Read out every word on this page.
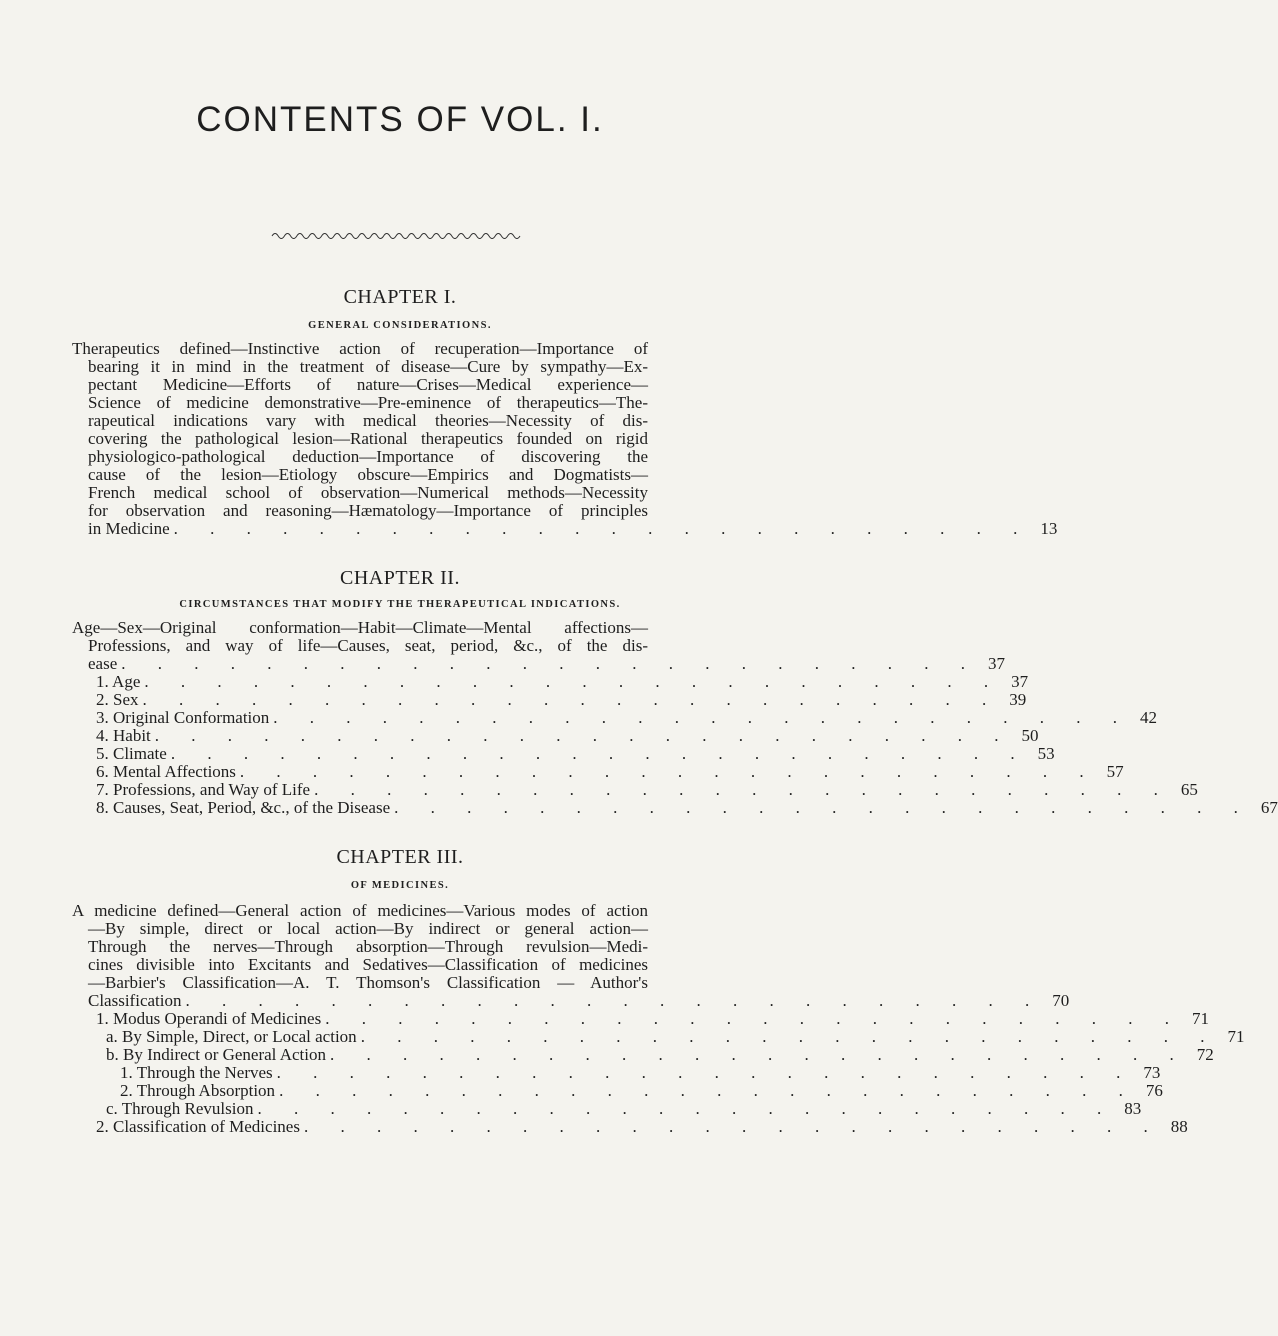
CONTENTS OF VOL. I.
CHAPTER I.
GENERAL CONSIDERATIONS.
Therapeutics defined—Instinctive action of recuperation—Importance of
bearing it in mind in the treatment of disease—Cure by sympathy—Ex-
pectant Medicine—Efforts of nature—Crises—Medical experience—
Science of medicine demonstrative—Pre-eminence of therapeutics—The-
rapeutical indications vary with medical theories—Necessity of dis-
covering the pathological lesion—Rational therapeutics founded on rigid
physiologico-pathological deduction—Importance of discovering the
cause of the lesion—Etiology obscure—Empirics and Dogmatists—
French medical school of observation—Numerical methods—Necessity
for observation and reasoning—Hæmatology—Importance of principles
in Medicine . . . . . . . . . . . . . . . . . . . . . . . . 13
CHAPTER II.
CIRCUMSTANCES THAT MODIFY THE THERAPEUTICAL INDICATIONS.
Age—Sex—Original conformation—Habit—Climate—Mental affections—
Professions, and way of life—Causes, seat, period, &c., of the dis-
ease . . . . . . . . . . . . . . . . . . . . . . . . 37
1. Age . . . . . . . . . . . . . . . . . . . . . . . . 37
2. Sex . . . . . . . . . . . . . . . . . . . . . . . . 39
3. Original Conformation . . . . . . . . . . . . . . . . . . . . . . . . 42
4. Habit . . . . . . . . . . . . . . . . . . . . . . . . 50
5. Climate . . . . . . . . . . . . . . . . . . . . . . . . 53
6. Mental Affections . . . . . . . . . . . . . . . . . . . . . . . . 57
7. Professions, and Way of Life . . . . . . . . . . . . . . . . . . . . . . . . 65
8. Causes, Seat, Period, &c., of the Disease . . . . . . . . . . . . . . . . . . . . . . . . 67
CHAPTER III.
OF MEDICINES.
A medicine defined—General action of medicines—Various modes of action
—By simple, direct or local action—By indirect or general action—
Through the nerves—Through absorption—Through revulsion—Medi-
cines divisible into Excitants and Sedatives—Classification of medicines
—Barbier's Classification—A. T. Thomson's Classification — Author's
Classification . . . . . . . . . . . . . . . . . . . . . . . . 70
1. Modus Operandi of Medicines . . . . . . . . . . . . . . . . . . . . . . . . 71
a. By Simple, Direct, or Local action . . . . . . . . . . . . . . . . . . . . . . . . 71
b. By Indirect or General Action . . . . . . . . . . . . . . . . . . . . . . . . 72
1. Through the Nerves . . . . . . . . . . . . . . . . . . . . . . . . 73
2. Through Absorption . . . . . . . . . . . . . . . . . . . . . . . . 76
c. Through Revulsion . . . . . . . . . . . . . . . . . . . . . . . . 83
2. Classification of Medicines . . . . . . . . . . . . . . . . . . . . . . . . 88
